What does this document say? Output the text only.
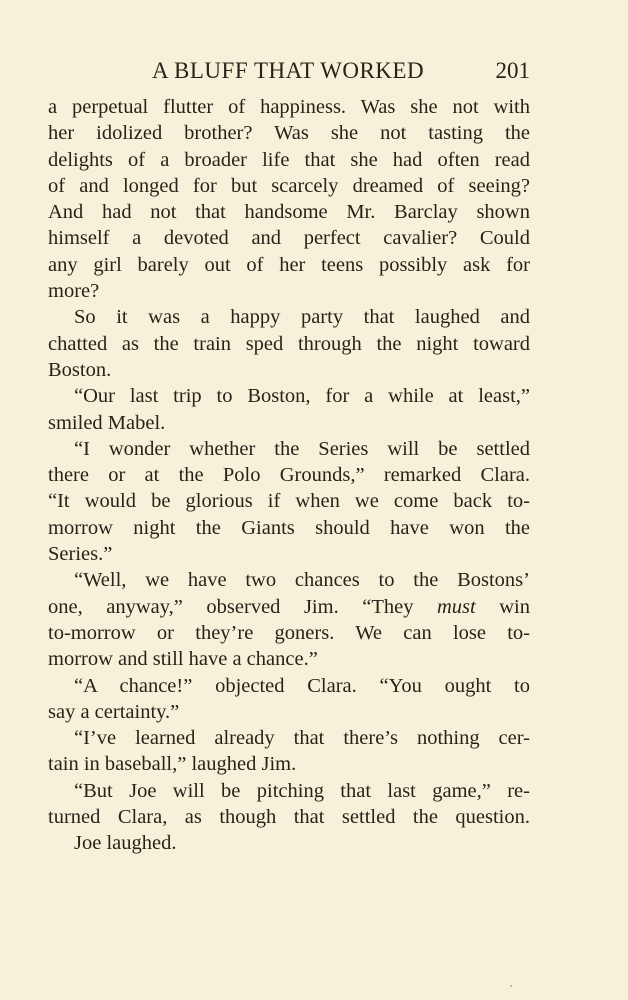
A BLUFF THAT WORKED	201
a perpetual flutter of happiness. Was she not with
her idolized brother? Was she not tasting the
delights of a broader life that she had often read
of and longed for but scarcely dreamed of seeing?
And had not that handsome Mr. Barclay shown
himself a devoted and perfect cavalier? Could
any girl barely out of her teens possibly ask for
more?
So it was a happy party that laughed and
chatted as the train sped through the night toward
Boston.
“Our last trip to Boston, for a while at least,”
smiled Mabel.
“I wonder whether the Series will be settled
there or at the Polo Grounds,” remarked Clara.
“It would be glorious if when we come back to-
morrow night the Giants should have won the
Series.”
“Well, we have two chances to the Bostons’
one, anyway,” observed Jim. “They must win
to-morrow or they’re goners. We can lose to-
morrow and still have a chance.”
“A chance!” objected Clara. “You ought to
say a certainty.”
“I’ve learned already that there’s nothing cer-
tain in baseball,” laughed Jim.
“But Joe will be pitching that last game,” re-
turned Clara, as though that settled the question.
Joe laughed.
